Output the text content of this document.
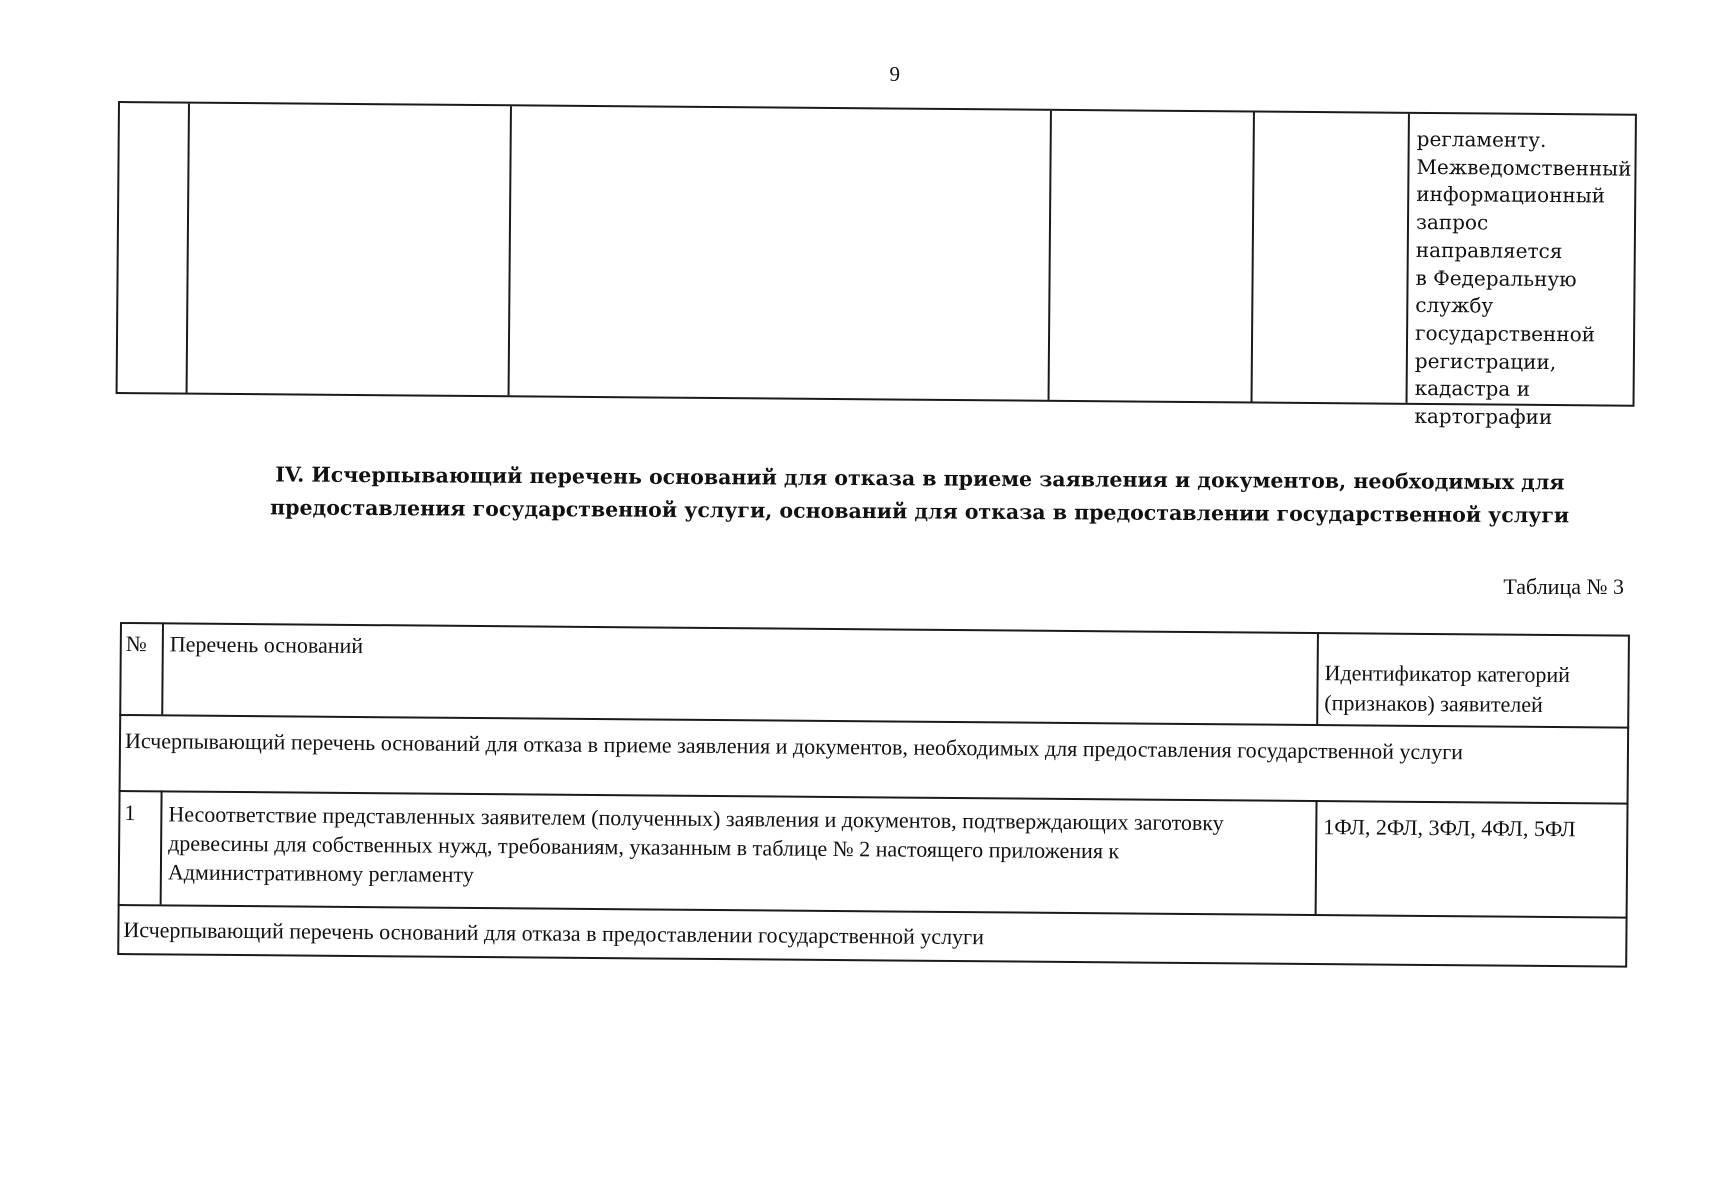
9
регламенту.
Межведомственный
информационный
запрос направляется
в Федеральную
службу
государственной
регистрации,
кадастра и
картографии
IV. Исчерпывающий перечень оснований для отказа в приеме заявления и документов, необходимых для предоставления государственной услуги, оснований для отказа в предоставлении государственной услуги
Таблица № 3
№ Перечень оснований
Идентификатор категорий (признаков) заявителей
Исчерпывающий перечень оснований для отказа в приеме заявления и документов, необходимых для предоставления государственной услуги
1 Несоответствие представленных заявителем (полученных) заявления и документов, подтверждающих заготовку древесины для собственных нужд, требованиям, указанным в таблице № 2 настоящего приложения к Административному регламенту
1ФЛ, 2ФЛ, 3ФЛ, 4ФЛ, 5ФЛ
Исчерпывающий перечень оснований для отказа в предоставлении государственной услуги
